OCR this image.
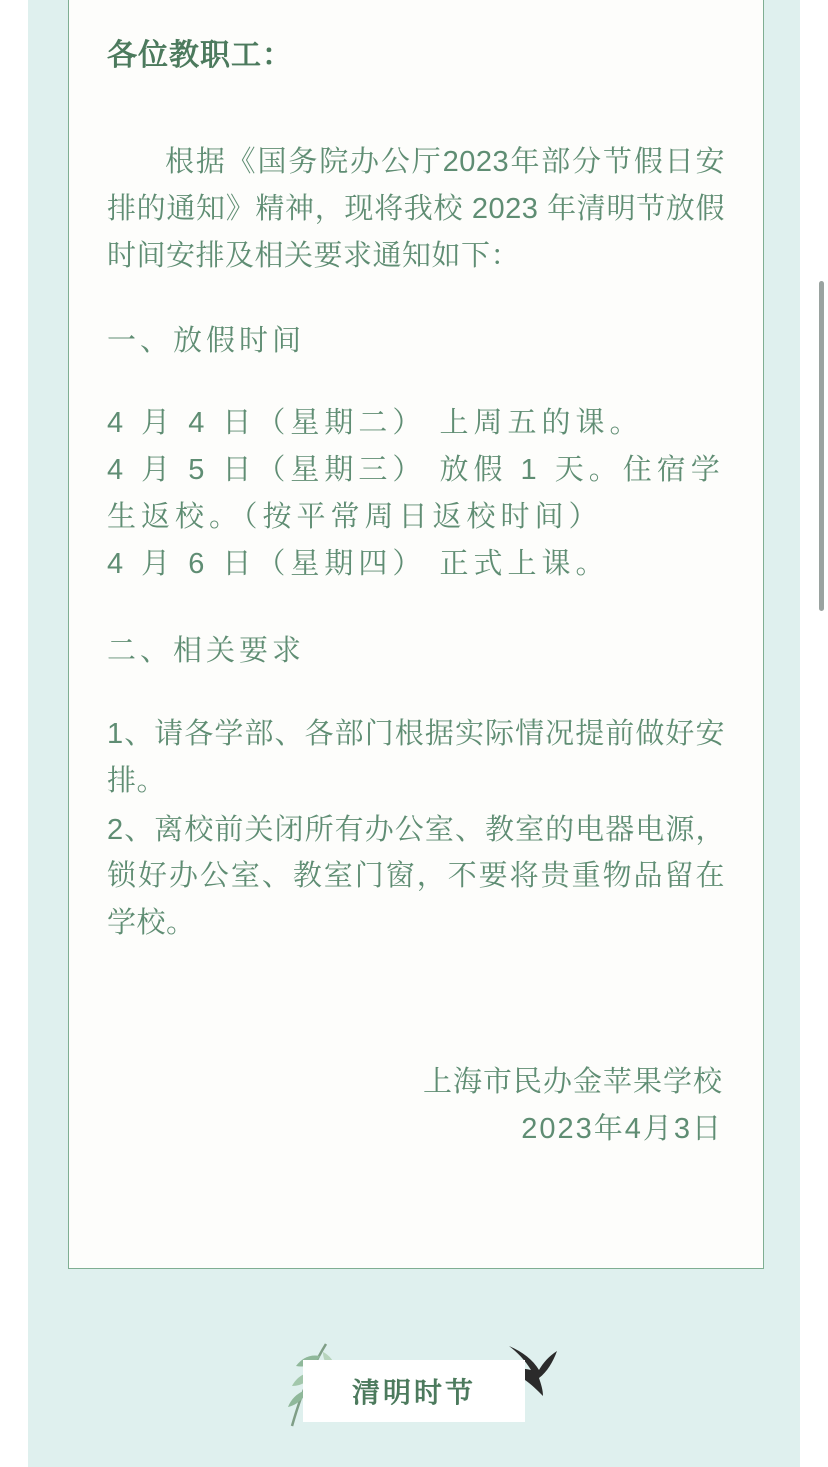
各位教职工：

根据《国务院办公厅2023年部分节假日安排的通知》精神，现将我校 2023 年清明节放假时间安排及相关要求通知如下：

一、放假时间
4 月 4 日（星期二） 上周五的课。
4 月 5 日（星期三） 放假 1 天。住宿学生返校。（按平常周日返校时间）
4 月 6 日（星期四） 正式上课。
二、相关要求
1、请各学部、各部门根据实际情况提前做好安排。
2、离校前关闭所有办公室、教室的电器电源，锁好办公室、教室门窗，不要将贵重物品留在学校。
上海市民办金苹果学校
2023年4月3日
清明时节
